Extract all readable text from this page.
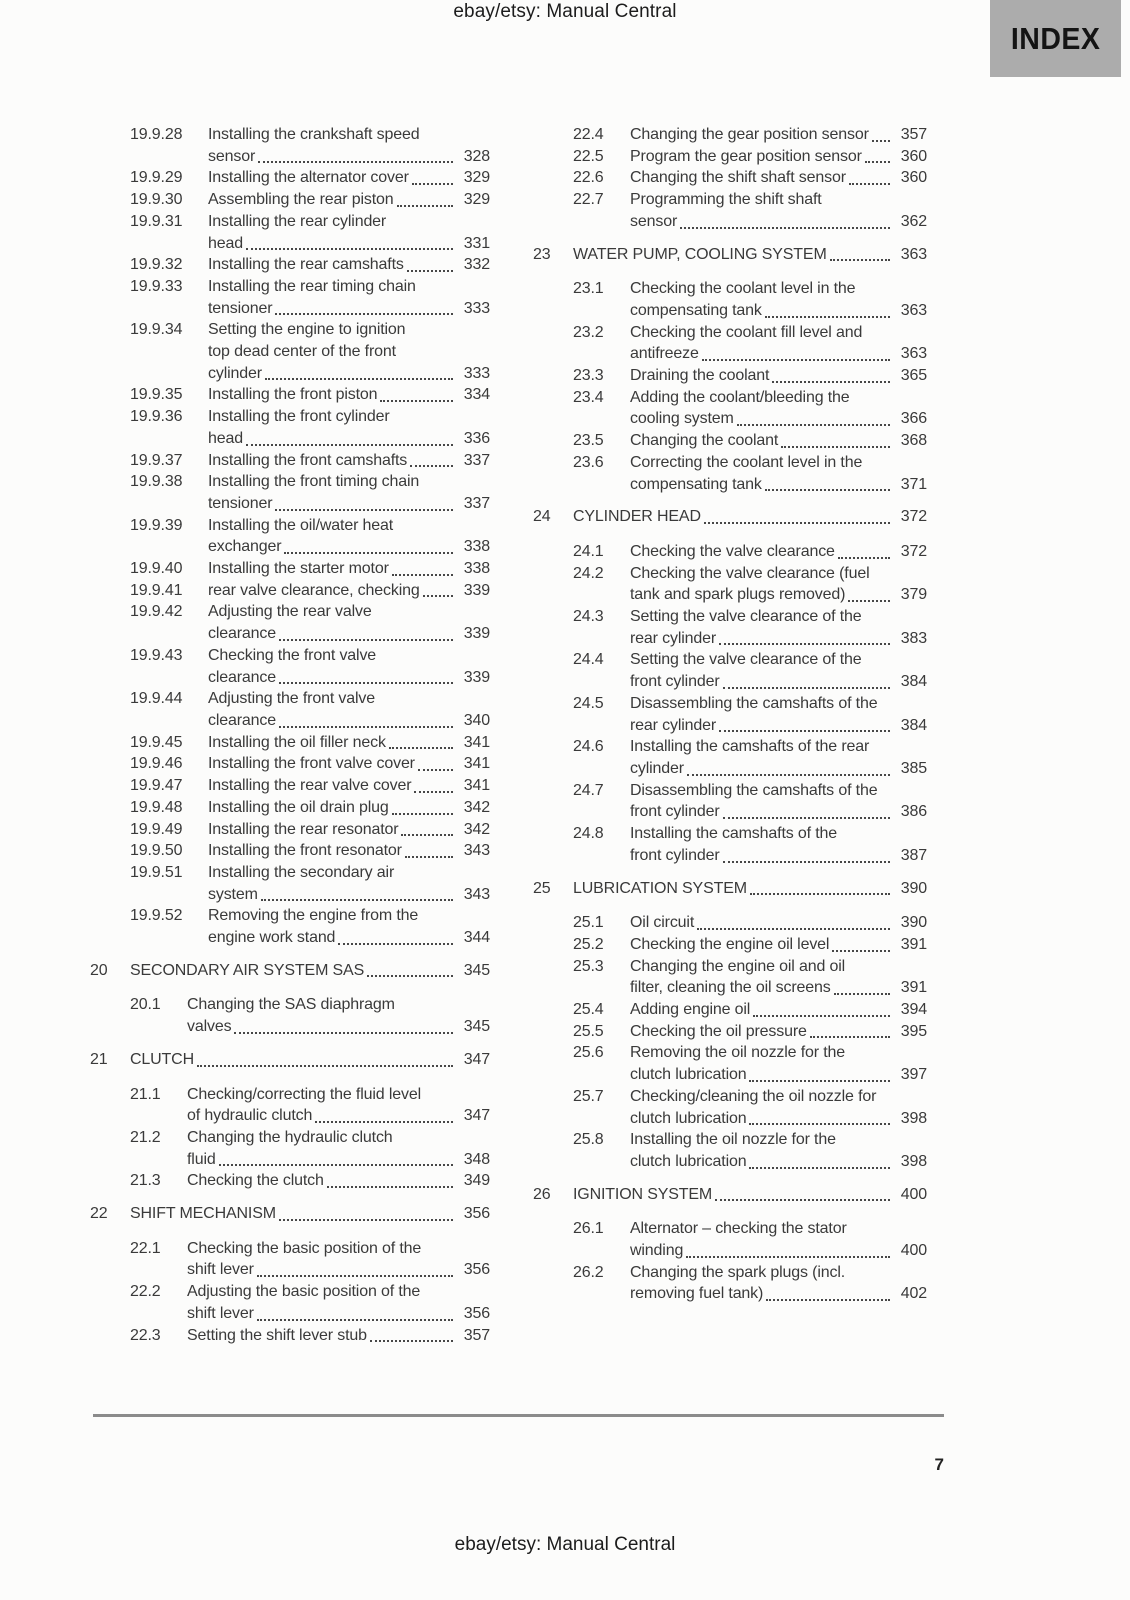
ebay/etsy: Manual Central
INDEX
19.9.28	Installing the crankshaft speed
sensor	328
19.9.29	Installing the alternator cover	329
19.9.30	Assembling the rear piston	329
19.9.31	Installing the rear cylinder
head	331
19.9.32	Installing the rear camshafts	332
19.9.33	Installing the rear timing chain
tensioner	333
19.9.34	Setting the engine to ignition
top dead center of the front
cylinder	333
19.9.35	Installing the front piston	334
19.9.36	Installing the front cylinder
head	336
19.9.37	Installing the front camshafts	337
19.9.38	Installing the front timing chain
tensioner	337
19.9.39	Installing the oil/water heat
exchanger	338
19.9.40	Installing the starter motor	338
19.9.41	rear valve clearance, checking	339
19.9.42	Adjusting the rear valve
clearance	339
19.9.43	Checking the front valve
clearance	339
19.9.44	Adjusting the front valve
clearance	340
19.9.45	Installing the oil filler neck	341
19.9.46	Installing the front valve cover	341
19.9.47	Installing the rear valve cover	341
19.9.48	Installing the oil drain plug	342
19.9.49	Installing the rear resonator	342
19.9.50	Installing the front resonator	343
19.9.51	Installing the secondary air
system	343
19.9.52	Removing the engine from the
engine work stand	344
20	SECONDARY AIR SYSTEM SAS	345
20.1	Changing the SAS diaphragm
valves	345
21	CLUTCH	347
21.1	Checking/correcting the fluid level
of hydraulic clutch	347
21.2	Changing the hydraulic clutch
fluid	348
21.3	Checking the clutch	349
22	SHIFT MECHANISM	356
22.1	Checking the basic position of the
shift lever	356
22.2	Adjusting the basic position of the
shift lever	356
22.3	Setting the shift lever stub	357
22.4	Changing the gear position sensor	357
22.5	Program the gear position sensor	360
22.6	Changing the shift shaft sensor	360
22.7	Programming the shift shaft
sensor	362
23	WATER PUMP, COOLING SYSTEM	363
23.1	Checking the coolant level in the
compensating tank	363
23.2	Checking the coolant fill level and
antifreeze	363
23.3	Draining the coolant	365
23.4	Adding the coolant/bleeding the
cooling system	366
23.5	Changing the coolant	368
23.6	Correcting the coolant level in the
compensating tank	371
24	CYLINDER HEAD	372
24.1	Checking the valve clearance	372
24.2	Checking the valve clearance (fuel
tank and spark plugs removed)	379
24.3	Setting the valve clearance of the
rear cylinder	383
24.4	Setting the valve clearance of the
front cylinder	384
24.5	Disassembling the camshafts of the
rear cylinder	384
24.6	Installing the camshafts of the rear
cylinder	385
24.7	Disassembling the camshafts of the
front cylinder	386
24.8	Installing the camshafts of the
front cylinder	387
25	LUBRICATION SYSTEM	390
25.1	Oil circuit	390
25.2	Checking the engine oil level	391
25.3	Changing the engine oil and oil
filter, cleaning the oil screens	391
25.4	Adding engine oil	394
25.5	Checking the oil pressure	395
25.6	Removing the oil nozzle for the
clutch lubrication	397
25.7	Checking/cleaning the oil nozzle for
clutch lubrication	398
25.8	Installing the oil nozzle for the
clutch lubrication	398
26	IGNITION SYSTEM	400
26.1	Alternator – checking the stator
winding	400
26.2	Changing the spark plugs (incl.
removing fuel tank)	402
7
ebay/etsy: Manual Central
